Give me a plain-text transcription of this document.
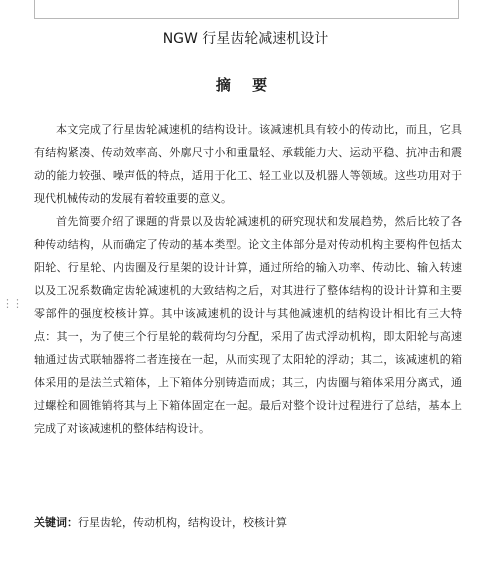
⋮⋮
NGW 行星齿轮减速机设计
摘 要

本文完成了行星齿轮减速机的结构设计。该减速机具有较小的传动比，而且，它具有结构紧凑、传动效率高、外廓尺寸小和重量轻、承载能力大、运动平稳、抗冲击和震动的能力较强、噪声低的特点，适用于化工、轻工业以及机器人等领域。这些功用对于现代机械传动的发展有着较重要的意义。

首先简要介绍了课题的背景以及齿轮减速机的研究现状和发展趋势，然后比较了各种传动结构，从而确定了传动的基本类型。论文主体部分是对传动机构主要构件包括太阳轮、行星轮、内齿圈及行星架的设计计算，通过所给的输入功率、传动比、输入转速以及工况系数确定齿轮减速机的大致结构之后，对其进行了整体结构的设计计算和主要零部件的强度校核计算。其中该减速机的设计与其他减速机的结构设计相比有三大特点：其一，为了使三个行星轮的载荷均匀分配，采用了齿式浮动机构，即太阳轮与高速轴通过齿式联轴器将二者连接在一起，从而实现了太阳轮的浮动；其二，该减速机的箱体采用的是法兰式箱体，上下箱体分别铸造而成；其三，内齿圈与箱体采用分离式，通过螺栓和圆锥销将其与上下箱体固定在一起。最后对整个设计过程进行了总结，基本上完成了对该减速机的整体结构设计。

关键词：行星齿轮，传动机构，结构设计，校核计算
